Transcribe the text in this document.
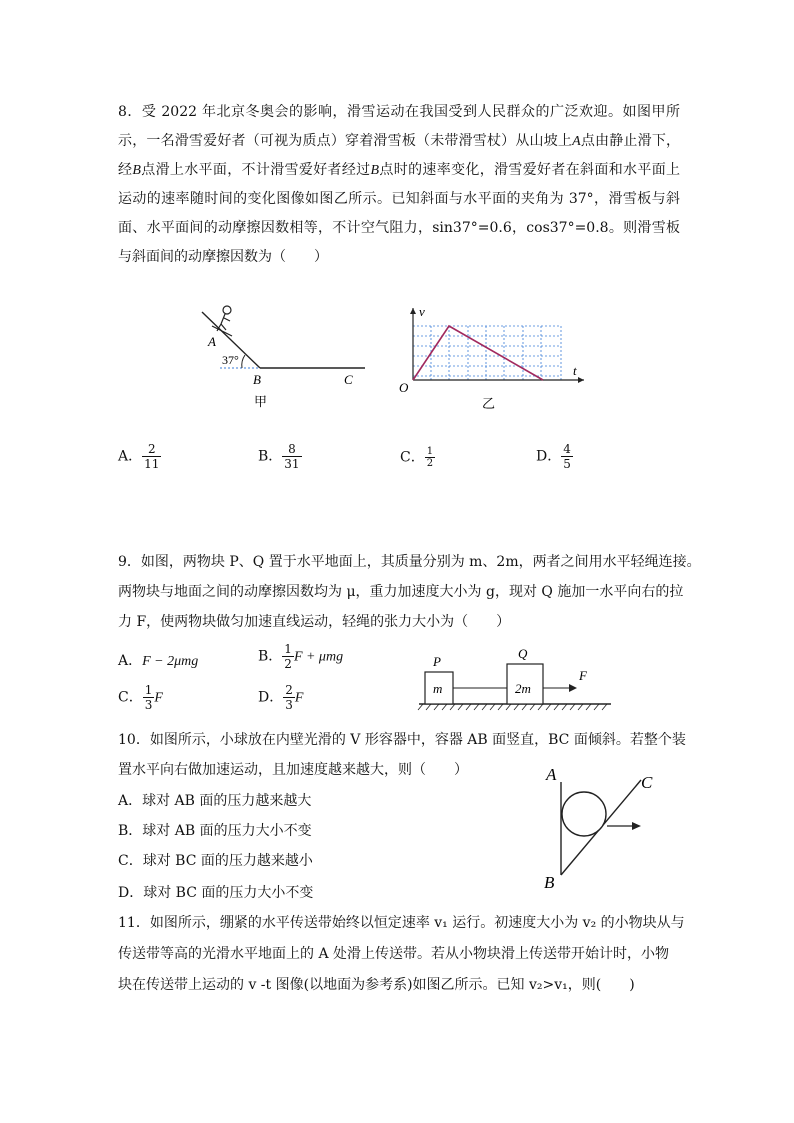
8．受 2022 年北京冬奥会的影响，滑雪运动在我国受到人民群众的广泛欢迎。如图甲所示，一名滑雪爱好者（可视为质点）穿着滑雪板（未带滑雪杖）从山坡上A点由静止滑下，经B点滑上水平面，不计滑雪爱好者经过B点时的速率变化，滑雪爱好者在斜面和水平面上运动的速率随时间的变化图像如图乙所示。已知斜面与水平面的夹角为 37°，滑雪板与斜面、水平面间的动摩擦因数相等，不计空气阻力，sin37°=0.6，cos37°=0.8。则滑雪板与斜面间的动摩擦因数为（　　）
A
37°
B	C
甲
v
t
O
乙
A． $\frac{2}{11}$	B． $\frac{8}{31}$	C． $\frac{1}{2}$	D． $\frac{4}{5}$
9．如图，两物块 P、Q 置于水平地面上，其质量分别为 m、2m，两者之间用水平轻绳连接。
两物块与地面之间的动摩擦因数均为 μ，重力加速度大小为 g，现对 Q 施加一水平向右的拉
力 F，使两物块做匀加速直线运动，轻绳的张力大小为（　　）
A．F − 2μmg	B． $\frac{1}{2}$ F + μmg
C． $\frac{1}{3}$ F	D． $\frac{2}{3}$ F
P
Q
m	2m
F
10．如图所示，小球放在内壁光滑的 V 形容器中，容器 AB 面竖直，BC 面倾斜。若整个装
置水平向右做加速运动，且加速度越来越大，则（　　）
A．球对 AB 面的压力越来越大
B．球对 AB 面的压力大小不变
C．球对 BC 面的压力越来越小
D．球对 BC 面的压力大小不变
A
B
C
11．如图所示，绷紧的水平传送带始终以恒定速率 v₁ 运行。初速度大小为 v₂ 的小物块从与
传送带等高的光滑水平地面上的 A 处滑上传送带。若从小物块滑上传送带开始计时，小物
块在传送带上运动的 v -t 图像(以地面为参考系)如图乙所示。已知 v₂>v₁，则(　　)
